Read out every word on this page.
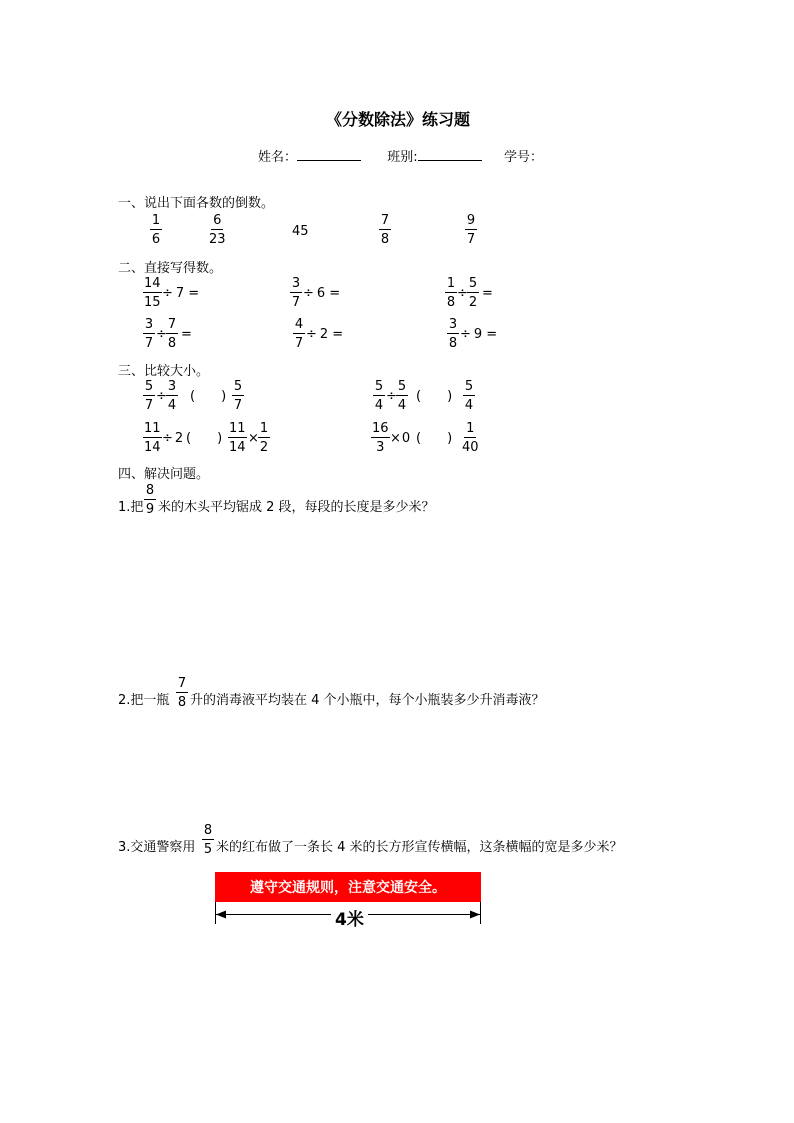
《分数除法》练习题
姓名：	班别:	学号：
一、说出下面各数的倒数。
$\frac{1}{6}$	$\frac{6}{23}$	45	$\frac{7}{8}$	$\frac{9}{7}$
二、直接写得数。
$\frac{14}{15} \div 7$ =	$\frac{3}{7} \div 6$ =	$\frac{1}{8} \div \frac{5}{2}$ =
$\frac{3}{7} \div \frac{7}{8}$ =	$\frac{4}{7} \div 2$ =	$\frac{3}{8} \div 9$ =
三、比较大小。
$\frac{5}{7} \div \frac{3}{4}$ (　　) $\frac{5}{7}$	$\frac{5}{4} \div \frac{5}{4}$ (　　) $\frac{5}{4}$
$\frac{11}{14} \div 2$ (　　) $\frac{11}{14} \times \frac{1}{2}$	$\frac{16}{3} \times 0$ (　　) $\frac{1}{40}$
四、解决问题。
1.把 $\frac{8}{9}$ 米的木头平均锯成 2 段，每段的长度是多少米？
2.把一瓶 $\frac{7}{8}$ 升的消毒液平均装在 4 个小瓶中，每个小瓶装多少升消毒液？
3.交通警察用 $\frac{8}{5}$ 米的红布做了一条长 4 米的长方形宣传横幅，这条横幅的宽是多少米？
遵守交通规则，注意交通安全。
4米
